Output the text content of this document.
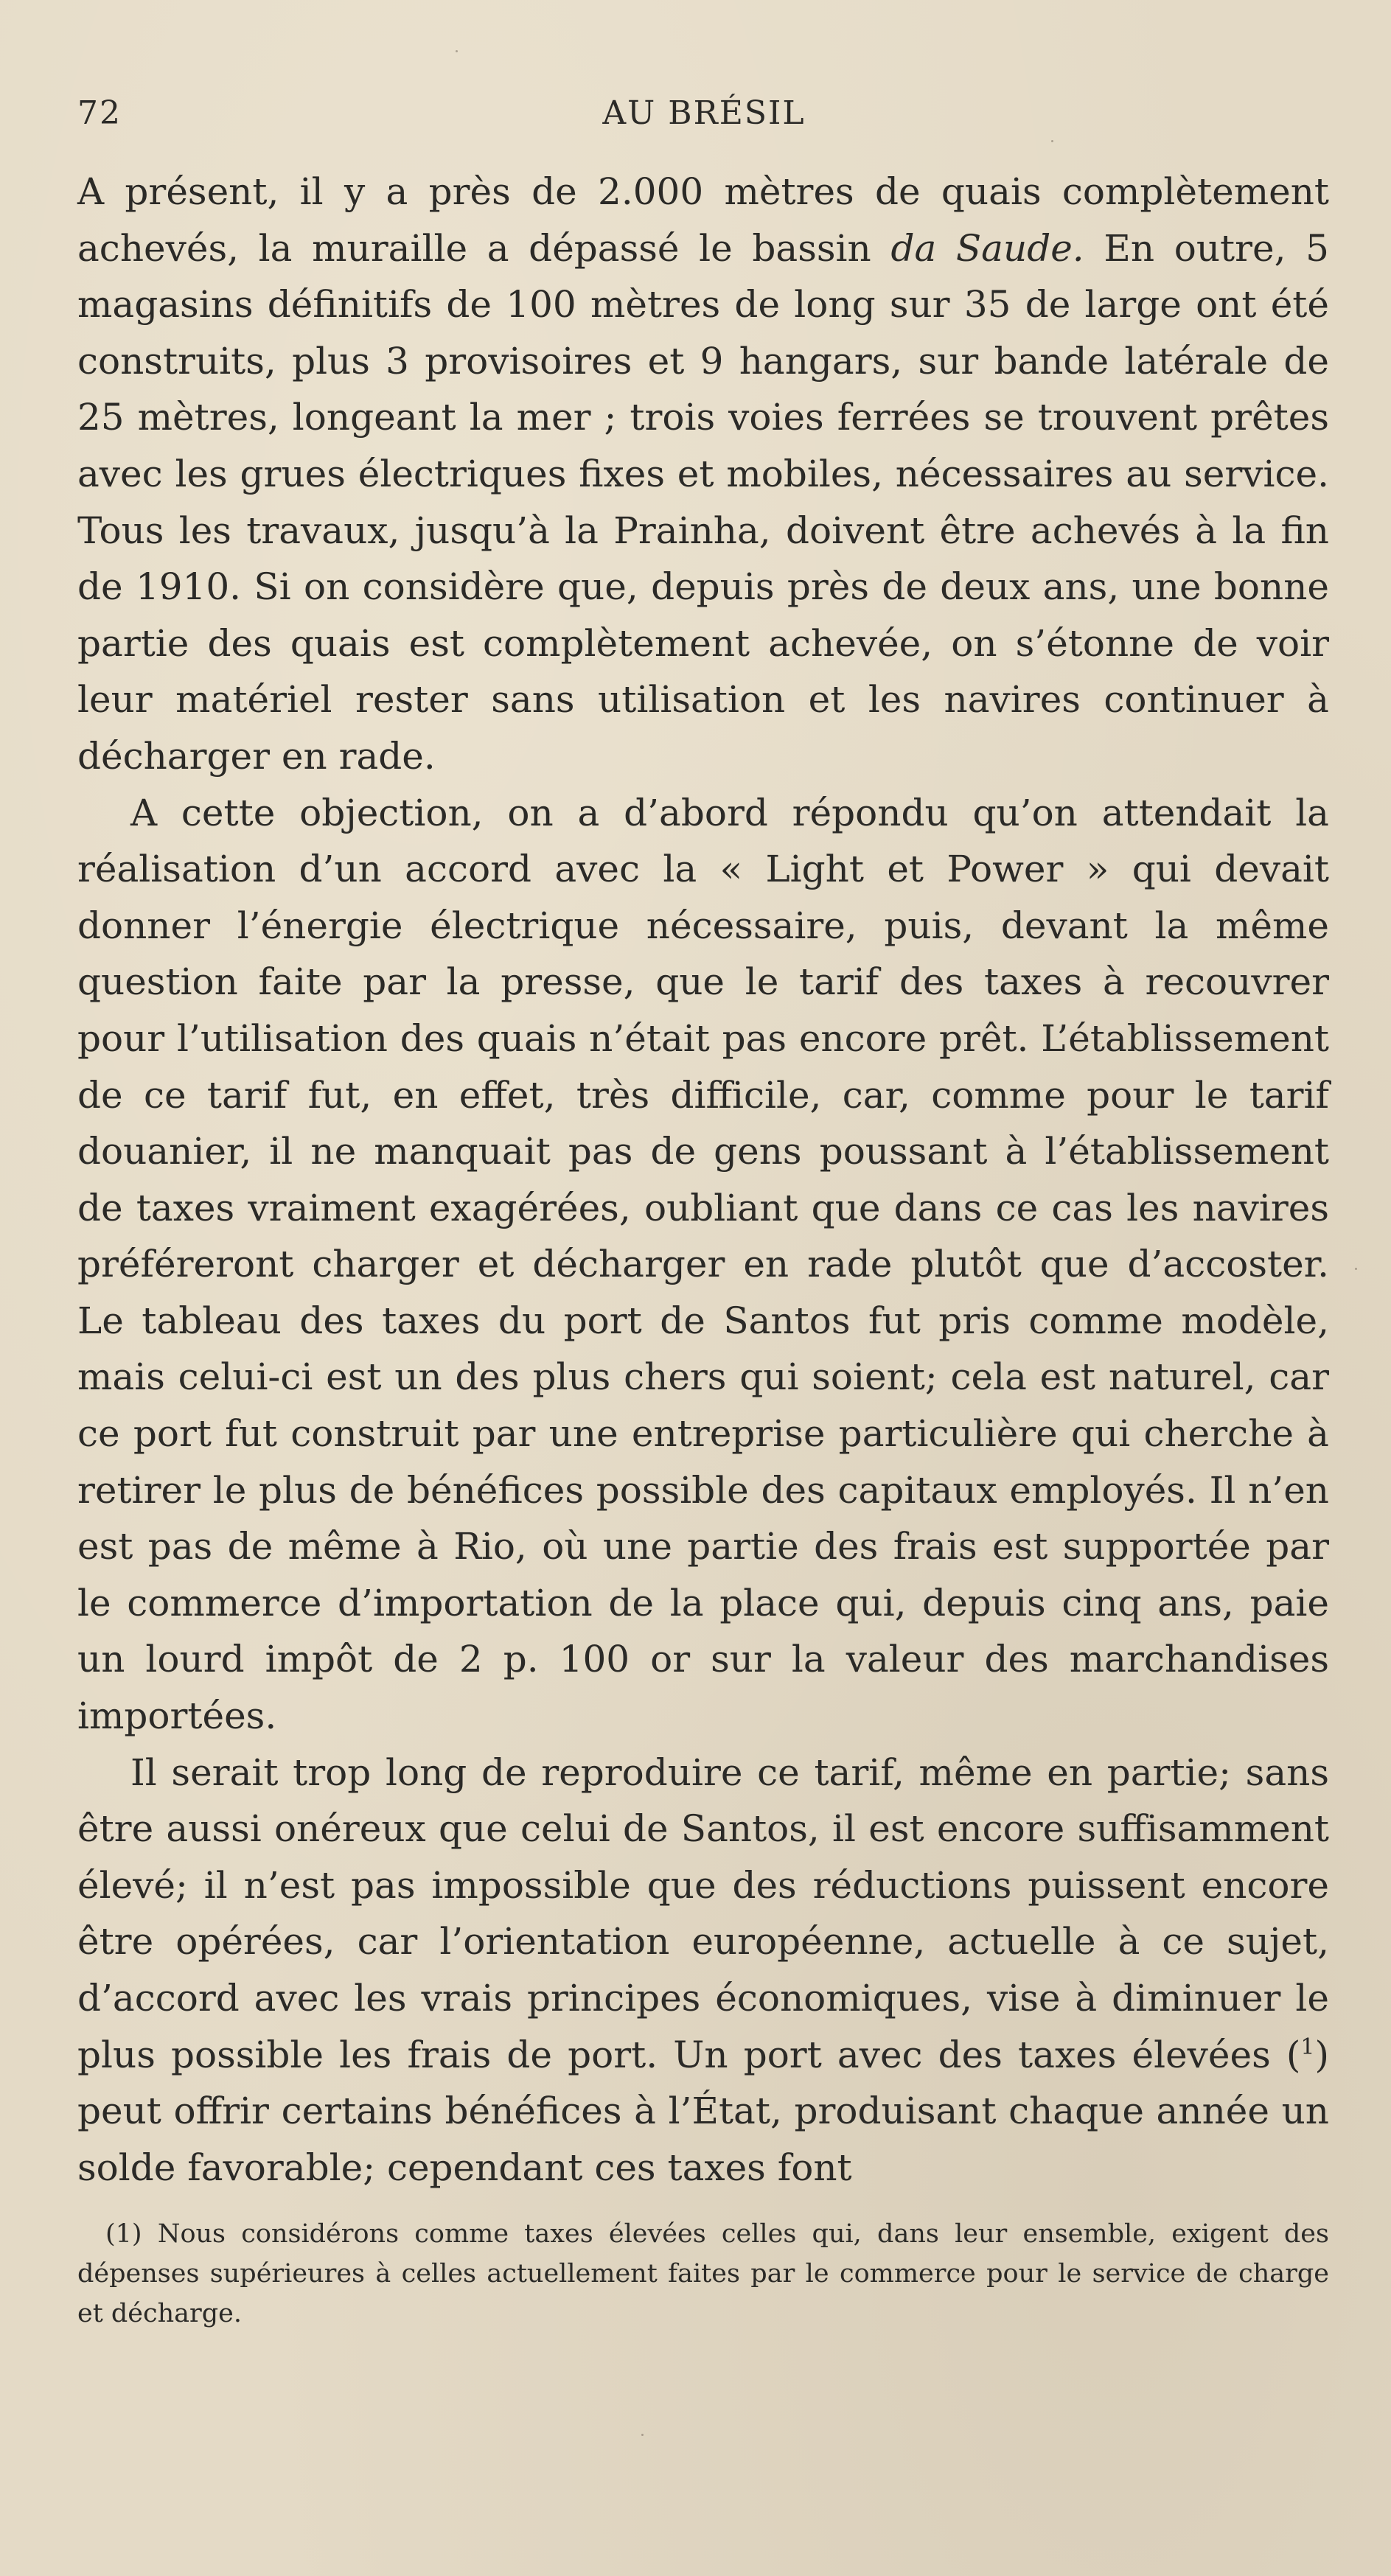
72	AU BRÉSIL

A présent, il y a près de 2.000 mètres de quais complètement achevés, la muraille a dépassé le bassin da Saude. En outre, 5 magasins définitifs de 100 mètres de long sur 35 de large ont été construits, plus 3 provisoires et 9 hangars, sur bande latérale de 25 mètres, longeant la mer ; trois voies ferrées se trouvent prêtes avec les grues électriques fixes et mobiles, nécessaires au service. Tous les travaux, jusqu’à la Prainha, doivent être achevés à la fin de 1910. Si on considère que, depuis près de deux ans, une bonne partie des quais est complètement achevée, on s’étonne de voir leur matériel rester sans utilisation et les navires continuer à décharger en rade.

A cette objection, on a d’abord répondu qu’on attendait la réalisation d’un accord avec la « Light et Power » qui devait donner l’énergie électrique nécessaire, puis, devant la même question faite par la presse, que le tarif des taxes à recouvrer pour l’utilisation des quais n’était pas encore prêt. L’établissement de ce tarif fut, en effet, très difficile, car, comme pour le tarif douanier, il ne manquait pas de gens poussant à l’établissement de taxes vraiment exagérées, oubliant que dans ce cas les navires préféreront charger et décharger en rade plutôt que d’accoster. Le tableau des taxes du port de Santos fut pris comme modèle, mais celui-ci est un des plus chers qui soient; cela est naturel, car ce port fut construit par une entreprise particulière qui cherche à retirer le plus de bénéfices possible des capitaux employés. Il n’en est pas de même à Rio, où une partie des frais est supportée par le commerce d’importation de la place qui, depuis cinq ans, paie un lourd impôt de 2 p. 100 or sur la valeur des marchandises importées.

Il serait trop long de reproduire ce tarif, même en partie; sans être aussi onéreux que celui de Santos, il est encore suffisamment élevé; il n’est pas impossible que des réductions puissent encore être opérées, car l’orientation européenne, actuelle à ce sujet, d’accord avec les vrais principes économiques, vise à diminuer le plus possible les frais de port. Un port avec des taxes élevées ($^1$) peut offrir certains bénéfices à l’État, produisant chaque année un solde favorable; cependant ces taxes font

(1) Nous considérons comme taxes élevées celles qui, dans leur ensemble, exigent des dépenses supérieures à celles actuellement faites par le commerce pour le service de charge et décharge.
